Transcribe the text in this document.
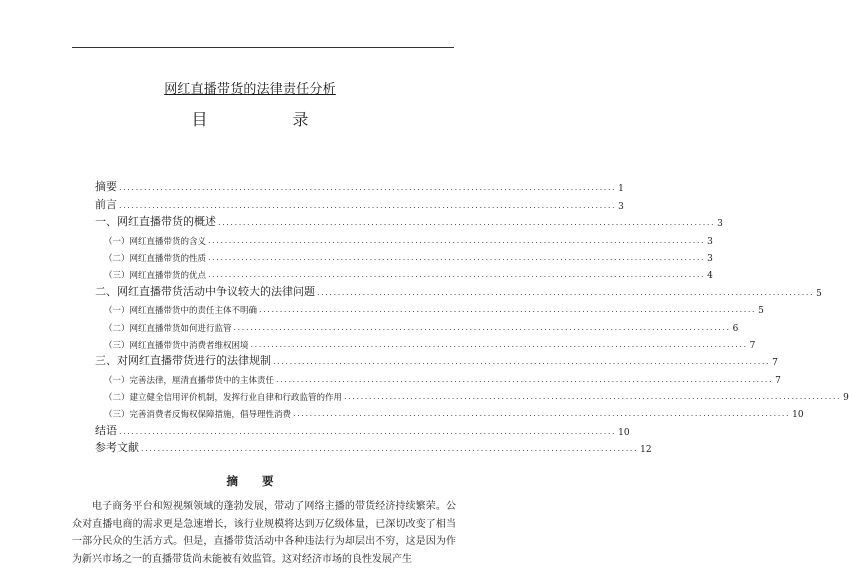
网红直播带货的法律责任分析
目 录
摘要 ........................................................................................................................ 1
前言 ........................................................................................................................ 3
一、网红直播带货的概述 ........................................................................................................................ 3
（一）网红直播带货的含义 ........................................................................................................................ 3
（二）网红直播带货的性质 ........................................................................................................................ 3
（三）网红直播带货的优点 ........................................................................................................................ 4
二、网红直播带货活动中争议较大的法律问题 ........................................................................................................................ 5
（一）网红直播带货中的责任主体不明确 ........................................................................................................................ 5
（二）网红直播带货如何进行监管 ........................................................................................................................ 6
（三）网红直播带货中消费者维权困境 ........................................................................................................................ 7
三、对网红直播带货进行的法律规制 ........................................................................................................................ 7
（一）完善法律，厘清直播带货中的主体责任 ........................................................................................................................ 7
（二）建立健全信用评价机制，发挥行业自律和行政监管的作用 ........................................................................................................................ 9
（三）完善消费者反悔权保障措施，倡导理性消费 ........................................................................................................................ 10
结语 ........................................................................................................................ 10
参考文献 ........................................................................................................................ 12
摘 要
电子商务平台和短视频领域的蓬勃发展，带动了网络主播的带货经济持续繁荣。公众对直播电商的需求更是急速增长，该行业规模将达到万亿级体量，已深切改变了相当一部分民众的生活方式。但是，直播带货活动中各种违法行为却层出不穷，这是因为作为新兴市场之一的直播带货尚未能被有效监管。这对经济市场的良性发展产生
